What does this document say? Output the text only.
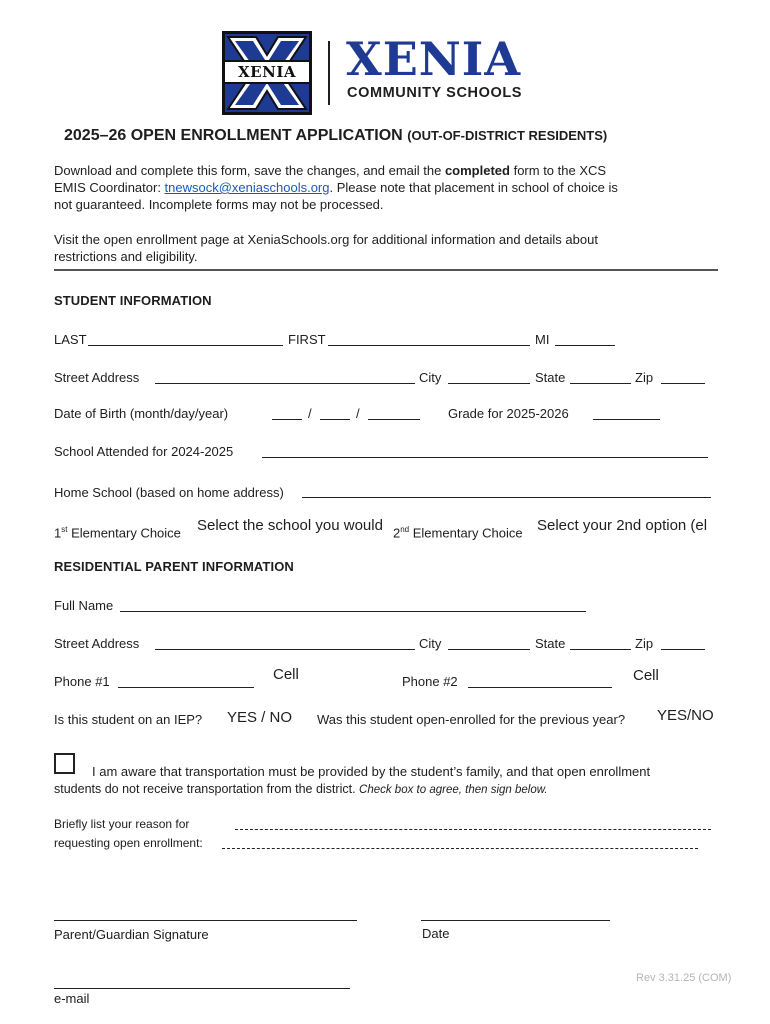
XENIA XENIA
COMMUNITY SCHOOLS
2025–26 OPEN ENROLLMENT APPLICATION (OUT-OF-DISTRICT RESIDENTS)
Download and complete this form, save the changes, and email the completed form to the XCS
EMIS Coordinator: tnewsock@xeniaschools.org. Please note that placement in school of choice is
not guaranteed. Incomplete forms may not be processed.
Visit the open enrollment page at XeniaSchools.org for additional information and details about
restrictions and eligibility.
STUDENT INFORMATION
LAST	FIRST	MI
Street Address	City	State	Zip
Date of Birth (month/day/year)	/	/	Grade for 2025-2026
School Attended for 2024-2025
Home School (based on home address)
1st Elementary Choice Select the school you would 2nd Elementary Choice Select your 2nd option (el
RESIDENTIAL PARENT INFORMATION
Full Name
Street Address	City	State	Zip
Phone #1	Cell	Phone #2	Cell
Is this student on an IEP? YES / NO Was this student open-enrolled for the previous year? YES/NO
I am aware that transportation must be provided by the student’s family, and that open enrollment
students do not receive transportation from the district. Check box to agree, then sign below.
Briefly list your reason for
requesting open enrollment:
Parent/Guardian Signature	Date
Rev 3.31.25 (COM)
e-mail
